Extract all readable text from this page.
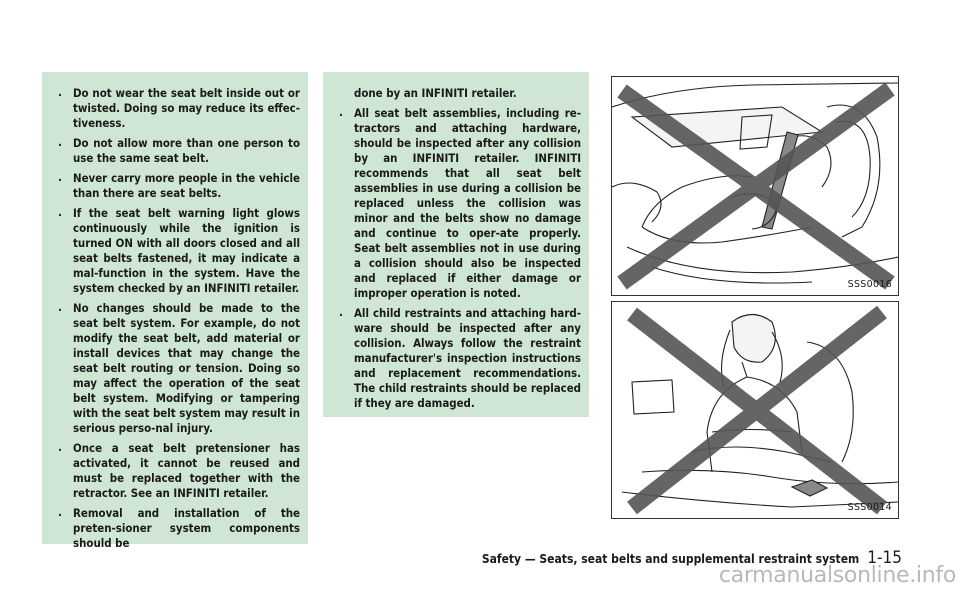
. Do not wear the seat belt inside out or twisted. Doing so may reduce its effec-tiveness.
. Do not allow more than one person to use the same seat belt.
. Never carry more people in the vehicle than there are seat belts.
. If the seat belt warning light glows continuously while the ignition is turned ON with all doors closed and all seat belts fastened, it may indicate a mal-function in the system. Have the system checked by an INFINITI retailer.
. No changes should be made to the seat belt system. For example, do not modify the seat belt, add material or install devices that may change the seat belt routing or tension. Doing so may affect the operation of the seat belt system. Modifying or tampering with the seat belt system may result in serious perso-nal injury.
. Once a seat belt pretensioner has activated, it cannot be reused and must be replaced together with the retractor. See an INFINITI retailer.
. Removal and installation of the preten-sioner system components should be
done by an INFINITI retailer.
. All seat belt assemblies, including re-tractors and attaching hardware, should be inspected after any collision by an INFINITI retailer. INFINITI recommends that all seat belt assemblies in use during a collision be replaced unless the collision was minor and the belts show no damage and continue to oper-ate properly. Seat belt assemblies not in use during a collision should also be inspected and replaced if either damage or improper operation is noted.
. All child restraints and attaching hard-ware should be inspected after any collision. Always follow the restraint manufacturer's inspection instructions and replacement recommendations. The child restraints should be replaced if they are damaged.
SSS0016
SSS0014
Safety — Seats, seat belts and supplemental restraint system 1-15
carmanualsonline.info
